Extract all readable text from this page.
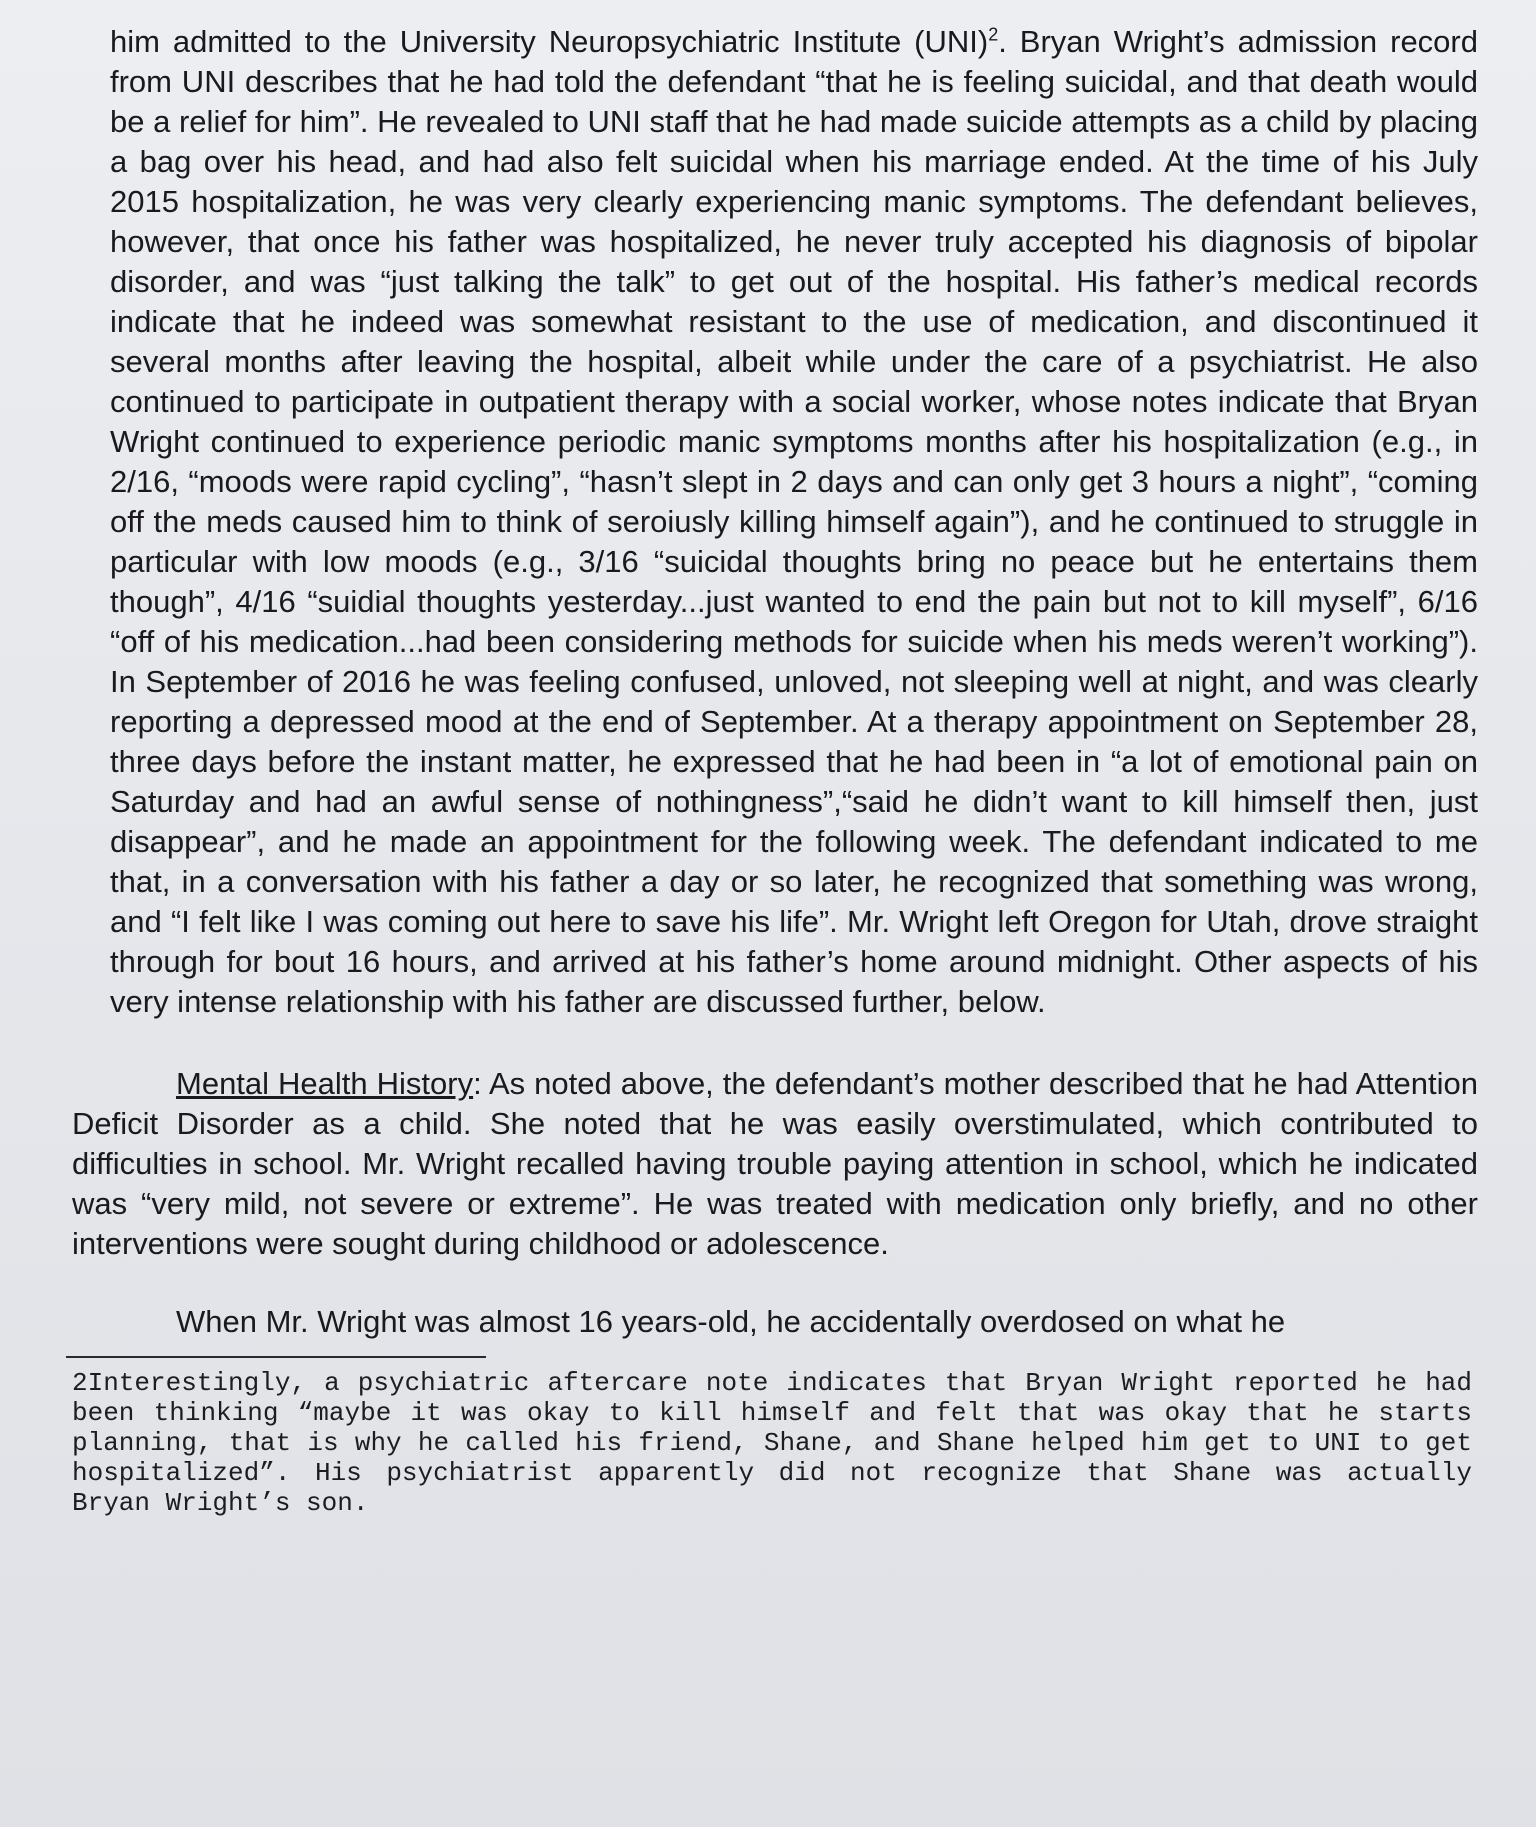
him admitted to the University Neuropsychiatric Institute (UNI)$^2$. Bryan Wright’s admission record from UNI describes that he had told the defendant “that he is feeling suicidal, and that death would be a relief for him”. He revealed to UNI staff that he had made suicide attempts as a child by placing a bag over his head, and had also felt suicidal when his marriage ended. At the time of his July 2015 hospitalization, he was very clearly experiencing manic symptoms. The defendant believes, however, that once his father was hospitalized, he never truly accepted his diagnosis of bipolar disorder, and was “just talking the talk” to get out of the hospital. His father’s medical records indicate that he indeed was somewhat resistant to the use of medication, and discontinued it several months after leaving the hospital, albeit while under the care of a psychiatrist. He also continued to participate in outpatient therapy with a social worker, whose notes indicate that Bryan Wright continued to experience periodic manic symptoms months after his hospitalization (e.g., in 2/16, “moods were rapid cycling”, “hasn’t slept in 2 days and can only get 3 hours a night”, “coming off the meds caused him to think of seroiusly killing himself again”), and he continued to struggle in particular with low moods (e.g., 3/16 “suicidal thoughts bring no peace but he entertains them though”, 4/16 “suidial thoughts yesterday...just wanted to end the pain but not to kill myself”, 6/16 “off of his medication...had been considering methods for suicide when his meds weren’t working”). In September of 2016 he was feeling confused, unloved, not sleeping well at night, and was clearly reporting a depressed mood at the end of September. At a therapy appointment on September 28, three days before the instant matter, he expressed that he had been in “a lot of emotional pain on Saturday and had an awful sense of nothingness”,“said he didn’t want to kill himself then, just disappear”, and he made an appointment for the following week. The defendant indicated to me that, in a conversation with his father a day or so later, he recognized that something was wrong, and “I felt like I was coming out here to save his life”. Mr. Wright left Oregon for Utah, drove straight through for bout 16 hours, and arrived at his father’s home around midnight. Other aspects of his very intense relationship with his father are discussed further, below.

Mental Health History: As noted above, the defendant’s mother described that he had Attention Deficit Disorder as a child. She noted that he was easily overstimulated, which contributed to difficulties in school. Mr. Wright recalled having trouble paying attention in school, which he indicated was “very mild, not severe or extreme”. He was treated with medication only briefly, and no other interventions were sought during childhood or adolescence.

When Mr. Wright was almost 16 years-old, he accidentally overdosed on what he

2Interestingly, a psychiatric aftercare note indicates that Bryan Wright reported he had been thinking “maybe it was okay to kill himself and felt that was okay that he starts planning, that is why he called his friend, Shane, and Shane helped him get to UNI to get hospitalized”. His psychiatrist apparently did not recognize that Shane was actually Bryan Wright’s son.
